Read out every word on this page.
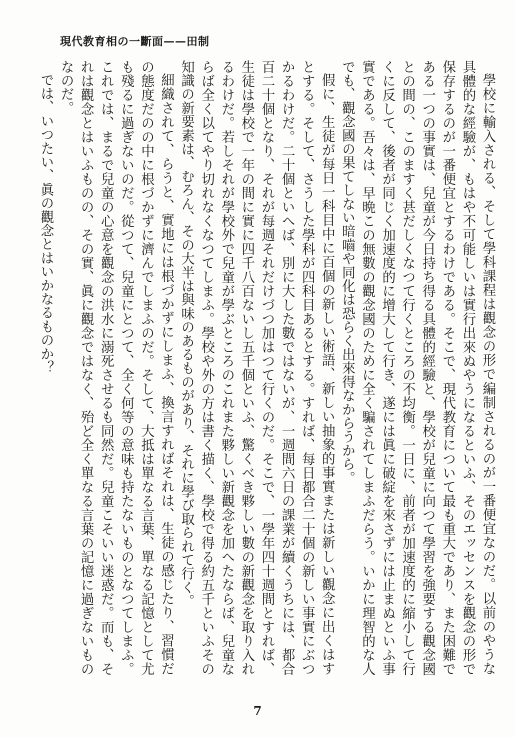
現代教育相の一斷面——田制

學校に輸入される、そして學科課程は觀念の形で編制されるのが一番便宜なのだ。以前のやうな具體的な經驗が、もはや不可能しいは實行出來ぬやうになるといふ、そのエッセンスを觀念の形で保存するのが一番便宜とするわけである。そこで、現代教育について最も重大であり、また困難である一つの事實は、兒童が今日持ち得る具體的經驗と、學校が兒童に向つて學習を強要する觀念國との間の、このますく甚だしくなつて行くところの不均衡。一日に、前者が加速度的に縮小して行くに反して、後者が同じく加速度的に增大して行き、遂には眞に破綻を來さずには止まぬといふ事實である。吾々は、早晩この無數の觀念國のために全く騙されてしまふだらう。いかに理智的な人でも、觀念國の果てしない暗嚙や同化は恐らく出來得なからうから。

假に、生徒が每日一科目中に百個の新しい術語、新しい抽象的事實または新しい觀念に出くはすとする。そして、さうした學科が四科目あるとする。すれば、每日都合二十個の新しい事實にぶつかるわけだ。二十個といへば、別に大した數ではないが、一週間六日の課業が續くうちには、都合百二十個となり、それが每週それだけづつ加はつて行くのだ。そこで、一學年四十週間とすれば、生徒は學校で一年の間に實に四千八百ないし五千個といふ、驚くべき夥しい數の新觀念を取り入れるわけだ。若しそれが學校外で兒童が學ぶところのこれまた夥しい新觀念を加へたならば、兒童ならば全く以てやり切れなくなつてしまふ。學校や外の方は書く描く、學校で得る約五千といふその知識の新要素は、むろん、その大半は與味のあるものがあり、それに學び取られて行く。

細織されて、らうと、實地には根づかずにしまふ、換言すればそれは、生徒の感じたり、習慣だの態度だのの中に根づかずに濟んでしまふのだ。そして、大抵は單なる言葉、單なる記憶として尤も殘るに過ぎないのだ。從つて、兒童にとつて、全く何等の意味も持たないものとなつてしまふ。これでは、まるで兒童の心意を觀念の洪水に溺死させるも同然だ。兒童こそいい迷惑だ。而も、それは觀念とはいふものの、その實、眞に觀念ではなく、殆ど全く單なる言葉の記憶に過ぎないものなのだ。

では、いつたい、眞の觀念とはいかなるものか？

7
